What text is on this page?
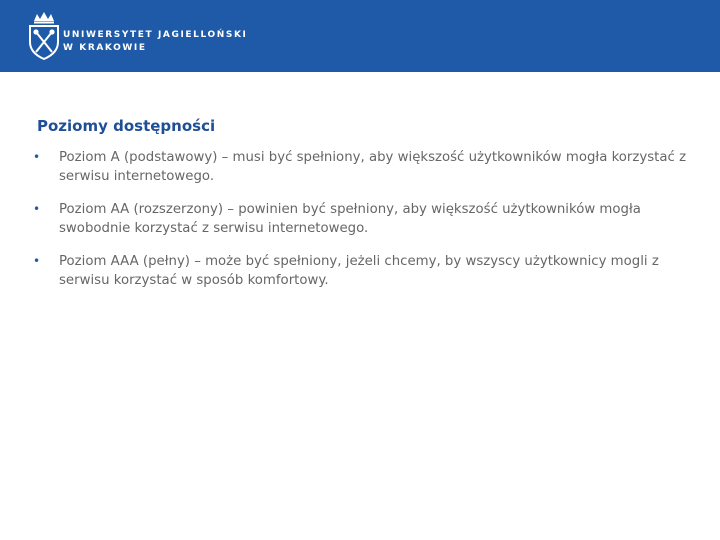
UNIWERSYTET JAGIELLOŃSKI
W KRAKOWIE
Poziomy dostępności
• Poziom A (podstawowy) – musi być spełniony, aby większość użytkowników mogła korzystać z serwisu internetowego.
• Poziom AA (rozszerzony) – powinien być spełniony, aby większość użytkowników mogła swobodnie korzystać z serwisu internetowego.
• Poziom AAA (pełny) – może być spełniony, jeżeli chcemy, by wszyscy użytkownicy mogli z serwisu korzystać w sposób komfortowy.
